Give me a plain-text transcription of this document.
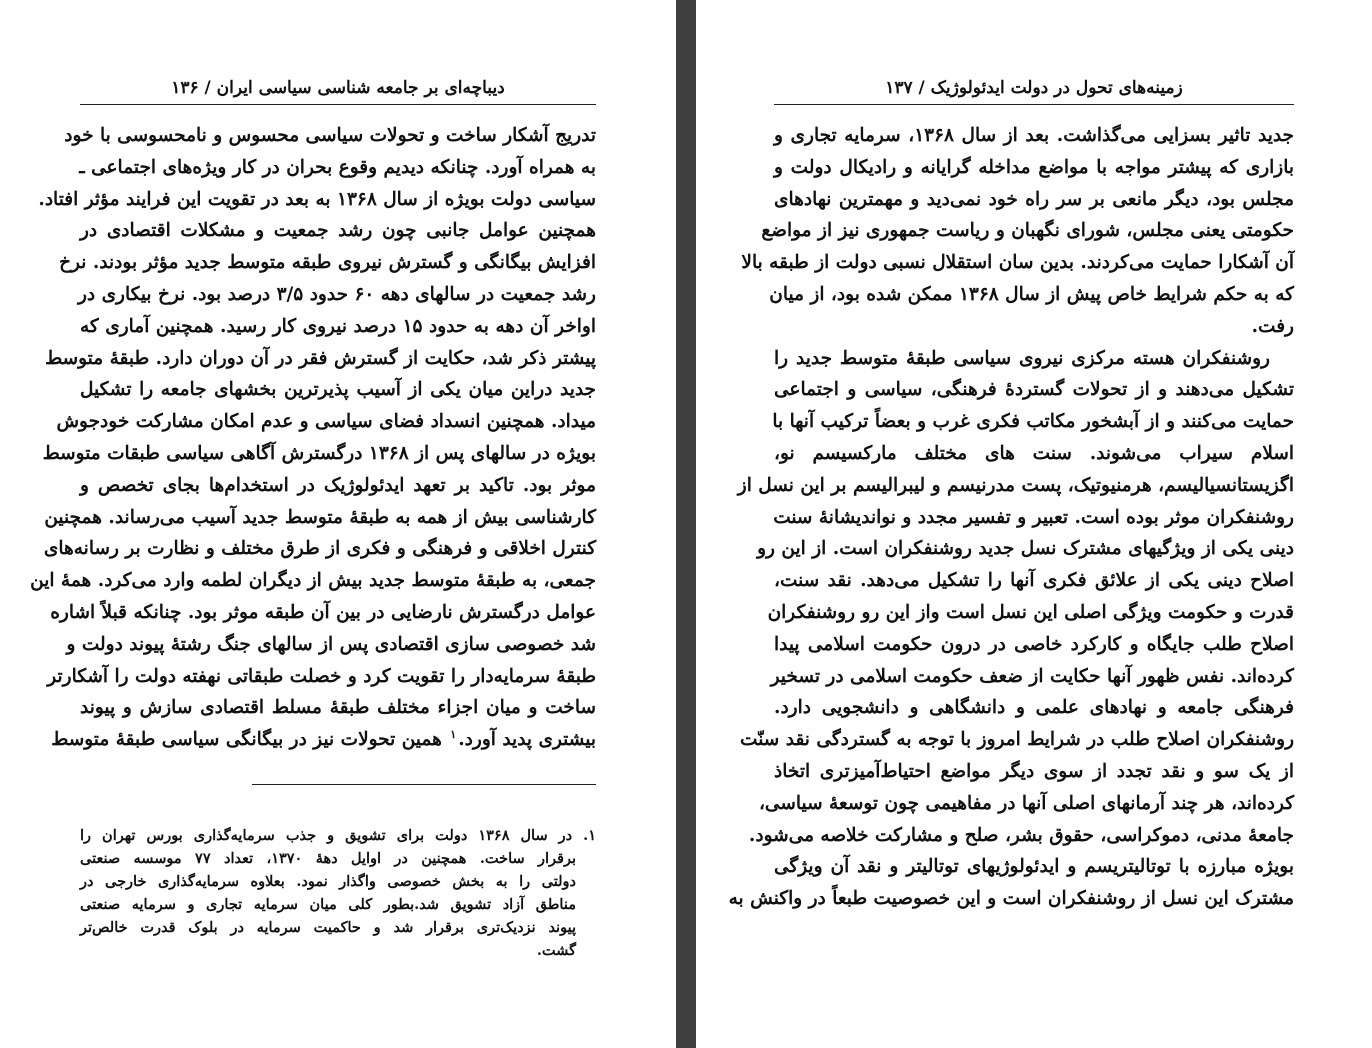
دیباچه‌ای بر جامعه شناسی سیاسی ایران / ۱۳۶
تدریج آشکار ساخت و تحولات سیاسی محسوس و نامحسوسی با خود
به همراه آورد. چنانکه دیدیم وقوع بحران در کار ویژه‌های اجتماعی ـ
سیاسی دولت بویژه از سال ۱۳۶۸ به بعد در تقویت این فرایند مؤثر افتاد.
همچنین عوامل جانبی چون رشد جمعیت و مشکلات اقتصادی در
افزایش بیگانگی و گسترش نیروی طبقه متوسط جدید مؤثر بودند. نرخ
رشد جمعیت در سالهای دهه ۶۰ حدود ۳/۵ درصد بود. نرخ بیکاری در
اواخر آن دهه به حدود ۱۵ درصد نیروی کار رسید. همچنین آماری که
پیشتر ذکر شد، حکایت از گسترش فقر در آن دوران دارد. طبقهٔ متوسط
جدید دراین میان یکی از آسیب پذیرترین بخشهای جامعه را تشکیل
میداد. همچنین انسداد فضای سیاسی و عدم امکان مشارکت خودجوش
بویژه در سالهای پس از ۱۳۶۸ درگسترش آگاهی سیاسی طبقات متوسط
موثر بود. تاکید بر تعهد ایدئولوژیک در استخدام‌ها بجای تخصص و
کارشناسی بیش از همه به طبقهٔ متوسط جدید آسیب می‌رساند. همچنین
کنترل اخلاقی و فرهنگی و فکری از طرق مختلف و نظارت بر رسانه‌های
جمعی، به طبقهٔ متوسط جدید بیش از دیگران لطمه وارد می‌کرد. همهٔ این
عوامل درگسترش نارضایی در بین آن طبقه موثر بود. چنانکه قبلاً اشاره
شد خصوصی سازی اقتصادی پس از سالهای جنگ رشتهٔ پیوند دولت و
طبقهٔ سرمایه‌دار را تقویت کرد و خصلت طبقاتی نهفته دولت را آشکارتر
ساخت و میان اجزاء مختلف طبقهٔ مسلط اقتصادی سازش و پیوند
بیشتری پدید آورد.$^۱$ همین تحولات نیز در بیگانگی سیاسی طبقهٔ متوسط
۱. در سال ۱۳۶۸ دولت برای تشویق و جذب سرمایه‌گذاری بورس تهران را
برقرار ساخت. همچنین در اوایل دههٔ ۱۳۷۰، تعداد ۷۷ موسسه صنعتی
دولتی را به بخش خصوصی واگذار نمود. بعلاوه سرمایه‌گذاری خارجی در
مناطق آزاد تشویق شد.بطور کلی میان سرمایه تجاری و سرمایه صنعتی
پیوند نزدیک‌تری برقرار شد و حاکمیت سرمایه در بلوک قدرت خالص‌تر
گشت.
زمینه‌های تحول در دولت ایدئولوژیک / ۱۳۷
جدید تاثیر بسزایی می‌گذاشت. بعد از سال ۱۳۶۸، سرمایه تجاری و
بازاری که پیشتر مواجه با مواضع مداخله گرایانه و رادیکال دولت و
مجلس بود، دیگر مانعی بر سر راه خود نمی‌دید و مهمترین نهادهای
حکومتی یعنی مجلس، شورای نگهبان و ریاست جمهوری نیز از مواضع
آن آشکارا حمایت می‌کردند. بدین سان استقلال نسبی دولت از طبقه بالا
که به حکم شرایط خاص پیش از سال ۱۳۶۸ ممکن شده بود، از میان
رفت.
روشنفکران هسته مرکزی نیروی سیاسی طبقهٔ متوسط جدید را
تشکیل می‌دهند و از تحولات گستردهٔ فرهنگی، سیاسی و اجتماعی
حمایت می‌کنند و از آبشخور مکاتب فکری غرب و بعضاً ترکیب آنها با
اسلام سیراب می‌شوند. سنت های مختلف مارکسیسم نو،
اگزیستانسیالیسم، هرمنیوتیک، پست مدرنیسم و لیبرالیسم بر این نسل از
روشنفکران موثر بوده است. تعبیر و تفسیر مجدد و نواندیشانهٔ سنت
دینی یکی از ویژگیهای مشترک نسل جدید روشنفکران است. از این رو
اصلاح دینی یکی از علائق فکری آنها را تشکیل می‌دهد. نقد سنت،
قدرت و حکومت ویژگی اصلی این نسل است واز این رو روشنفکران
اصلاح طلب جایگاه و کارکرد خاصی در درون حکومت اسلامی پیدا
کرده‌اند. نفس ظهور آنها حکایت از ضعف حکومت اسلامی در تسخیر
فرهنگی جامعه و نهادهای علمی و دانشگاهی و دانشجویی دارد.
روشنفکران اصلاح طلب در شرایط امروز با توجه به گستردگی نقد سنّت
از یک سو و نقد تجدد از سوی دیگر مواضع احتیاط‌آمیزتری اتخاذ
کرده‌اند، هر چند آرمانهای اصلی آنها در مفاهیمی چون توسعهٔ سیاسی،
جامعهٔ مدنی، دموکراسی، حقوق بشر، صلح و مشارکت خلاصه می‌شود.
بویژه مبارزه با توتالیتریسم و ایدئولوژیهای توتالیتر و نقد آن ویژگی
مشترک این نسل از روشنفکران است و این خصوصیت طبعاً در واکنش به
